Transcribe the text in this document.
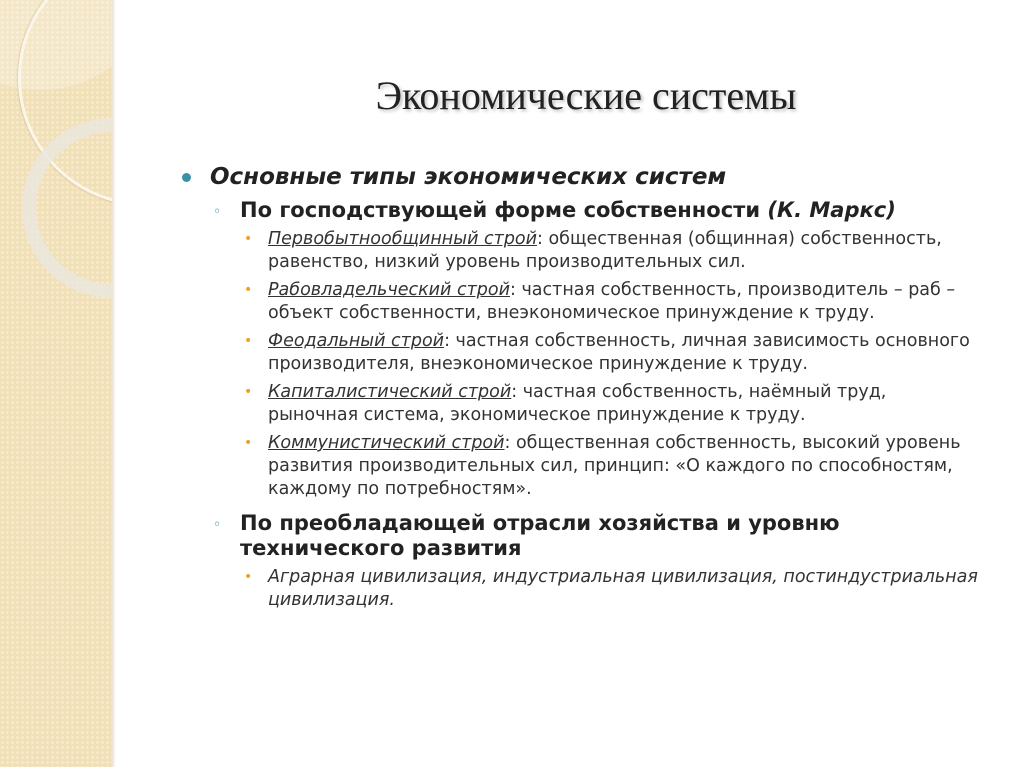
Экономические системы
Основные типы экономических систем
◦ По господствующей форме собственности (К. Маркс)
• Первобытнообщинный строй: общественная (общинная) собственность, равенство, низкий уровень производительных сил.
• Рабовладельческий строй: частная собственность, производитель – раб – объект собственности, внеэкономическое принуждение к труду.
• Феодальный строй: частная собственность, личная зависимость основного производителя, внеэкономическое принуждение к труду.
• Капиталистический строй: частная собственность, наёмный труд, рыночная система, экономическое принуждение к труду.
• Коммунистический строй: общественная собственность, высокий уровень развития производительных сил, принцип: «О каждого по способностям, каждому по потребностям».
◦ По преобладающей отрасли хозяйства и уровню технического развития
• Аграрная цивилизация, индустриальная цивилизация, постиндустриальная цивилизация.
